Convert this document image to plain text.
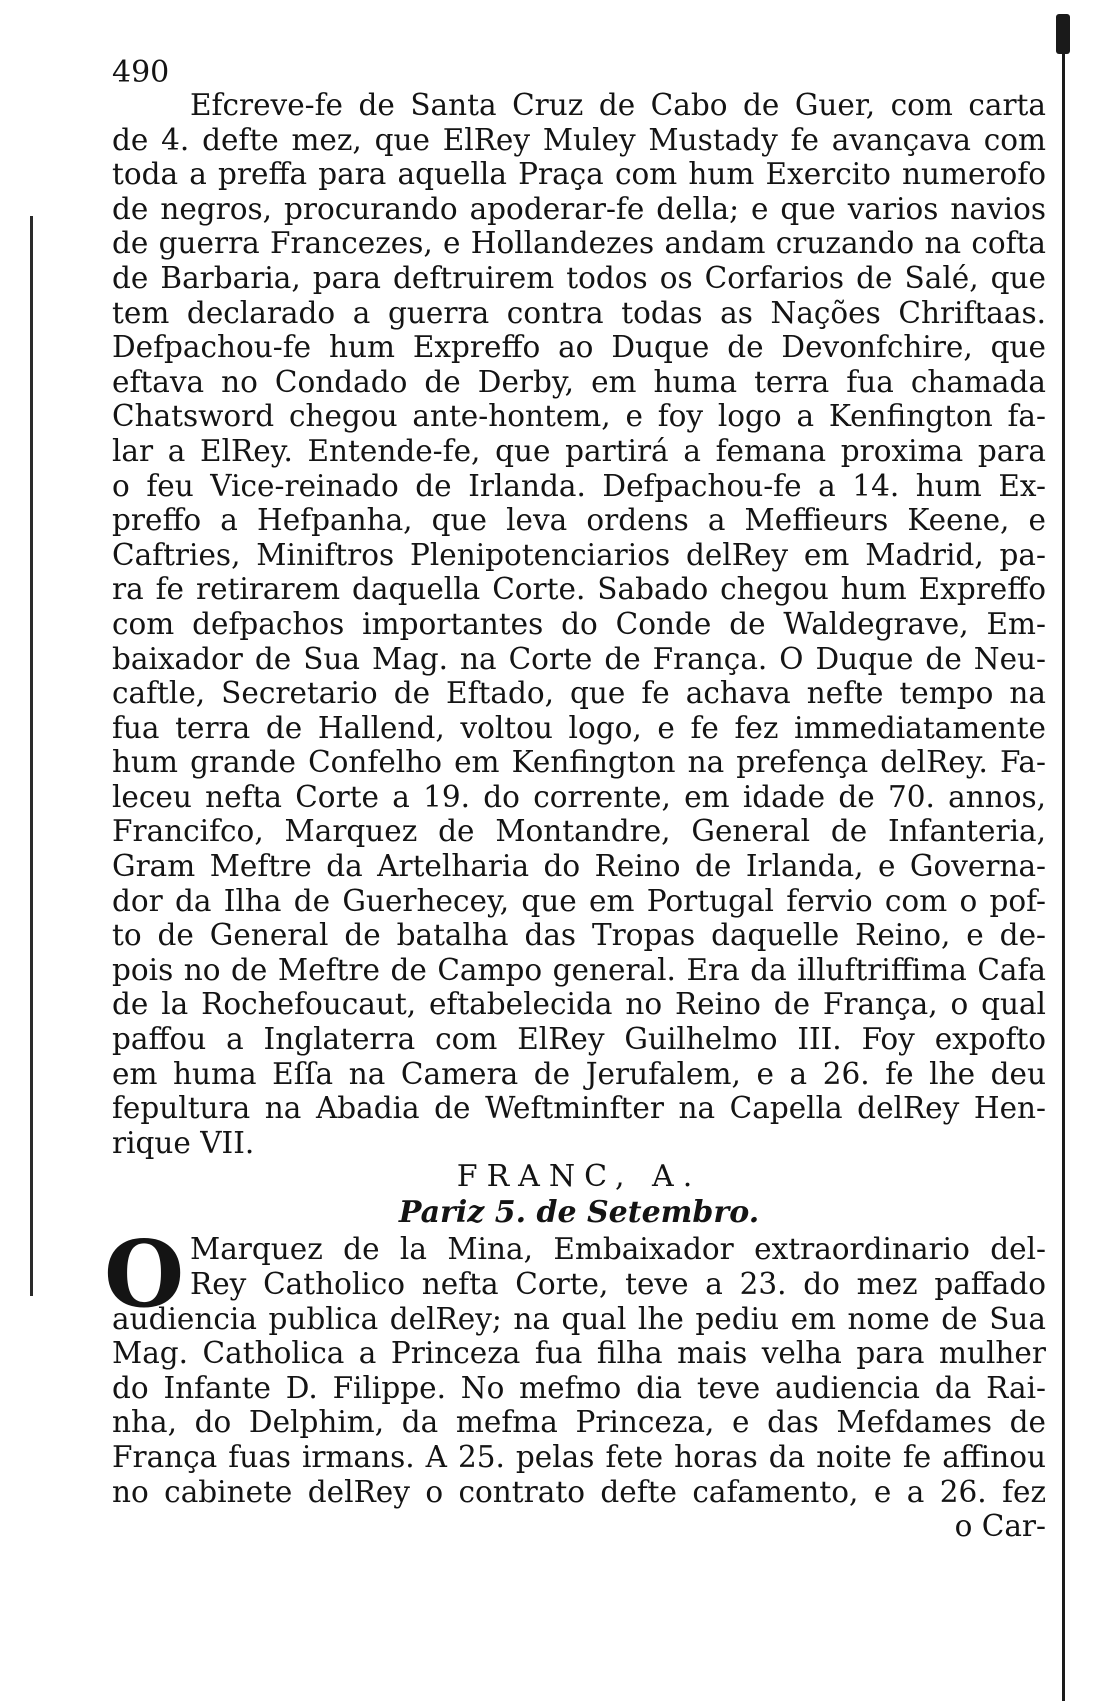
490
Efcreve-fe de Santa Cruz de Cabo de Guer, com carta
de 4. defte mez, que ElRey Muley Mustady fe avançava com
toda a preffa para aquella Praça com hum Exercito numerofo
de negros, procurando apoderar-fe della; e que varios navios
de guerra Francezes, e Hollandezes andam cruzando na cofta
de Barbaria, para deftruirem todos os Corfarios de Salé, que
tem declarado a guerra contra todas as Nações Chriftaas.
Defpachou-fe hum Expreffo ao Duque de Devonfchire, que
eftava no Condado de Derby, em huma terra fua chamada
Chatsword chegou ante-hontem, e foy logo a Kenfington fa-
lar a ElRey. Entende-fe, que partirá a femana proxima para
o feu Vice-reinado de Irlanda. Defpachou-fe a 14. hum Ex-
preffo a Hefpanha, que leva ordens a Meffieurs Keene, e
Caftries, Miniftros Plenipotenciarios delRey em Madrid, pa-
ra fe retirarem daquella Corte. Sabado chegou hum Expreffo
com defpachos importantes do Conde de Waldegrave, Em-
baixador de Sua Mag. na Corte de França. O Duque de Neu-
caftle, Secretario de Eftado, que fe achava nefte tempo na
fua terra de Hallend, voltou logo, e fe fez immediatamente
hum grande Confelho em Kenfington na prefença delRey. Fa-
leceu nefta Corte a 19. do corrente, em idade de 70. annos,
Francifco, Marquez de Montandre, General de Infanteria,
Gram Meftre da Artelharia do Reino de Irlanda, e Governa-
dor da Ilha de Guerhecey, que em Portugal fervio com o pof-
to de General de batalha das Tropas daquelle Reino, e de-
pois no de Meftre de Campo general. Era da illuftriffima Cafa
de la Rochefoucaut, eftabelecida no Reino de França, o qual
paffou a Inglaterra com ElRey Guilhelmo III. Foy expofto
em huma Eſſa na Camera de Jerufalem, e a 26. fe lhe deu
fepultura na Abadia de Weftminfter na Capella delRey Hen-
rique VII.
FRANC, A.
Pariz 5. de Setembro.
O Marquez de la Mina, Embaixador extraordinario del-
Rey Catholico nefta Corte, teve a 23. do mez paffado
audiencia publica delRey; na qual lhe pediu em nome de Sua
Mag. Catholica a Princeza fua filha mais velha para mulher
do Infante D. Filippe. No mefmo dia teve audiencia da Rai-
nha, do Delphim, da mefma Princeza, e das Mefdames de
França fuas irmans. A 25. pelas fete horas da noite fe affinou
no cabinete delRey o contrato defte cafamento, e a 26. fez
o Car-
